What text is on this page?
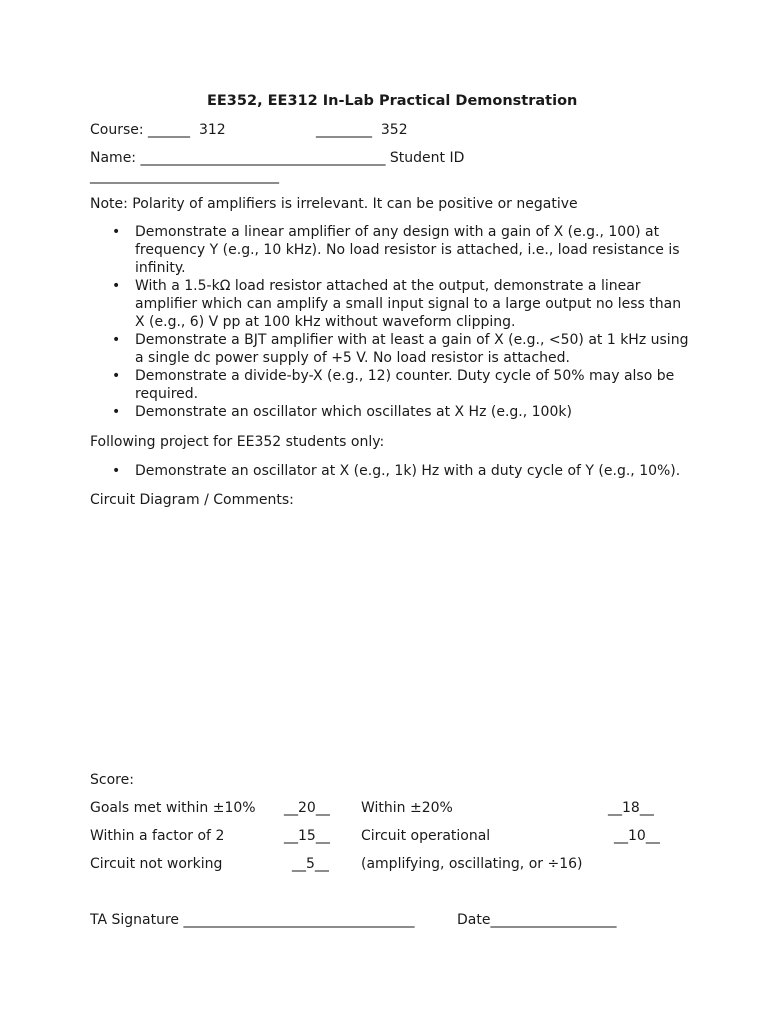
EE352, EE312 In-Lab Practical Demonstration
Course: ______  312	________  352
Name: ___________________________________ Student ID
___________________________
Note: Polarity of amplifiers is irrelevant. It can be positive or negative
• Demonstrate a linear amplifier of any design with a gain of X (e.g., 100) at frequency Y (e.g., 10 kHz). No load resistor is attached, i.e., load resistance is infinity.
• With a 1.5-kΩ load resistor attached at the output, demonstrate a linear amplifier which can amplify a small input signal to a large output no less than X (e.g., 6) V pp at 100 kHz without waveform clipping.
• Demonstrate a BJT amplifier with at least a gain of X (e.g., <50) at 1 kHz using a single dc power supply of +5 V. No load resistor is attached.
• Demonstrate a divide-by-X (e.g., 12) counter. Duty cycle of 50% may also be required.
• Demonstrate an oscillator which oscillates at X Hz (e.g., 100k)
Following project for EE352 students only:
• Demonstrate an oscillator at X (e.g., 1k) Hz with a duty cycle of Y (e.g., 10%).
Circuit Diagram / Comments:
Score:
Goals met within ±10% __20__ Within ±20%	__18__
Within a factor of 2	__15__ Circuit operational	__10__
Circuit not working	__5__ (amplifying, oscillating, or ÷16)
TA Signature _________________________________	Date__________________
